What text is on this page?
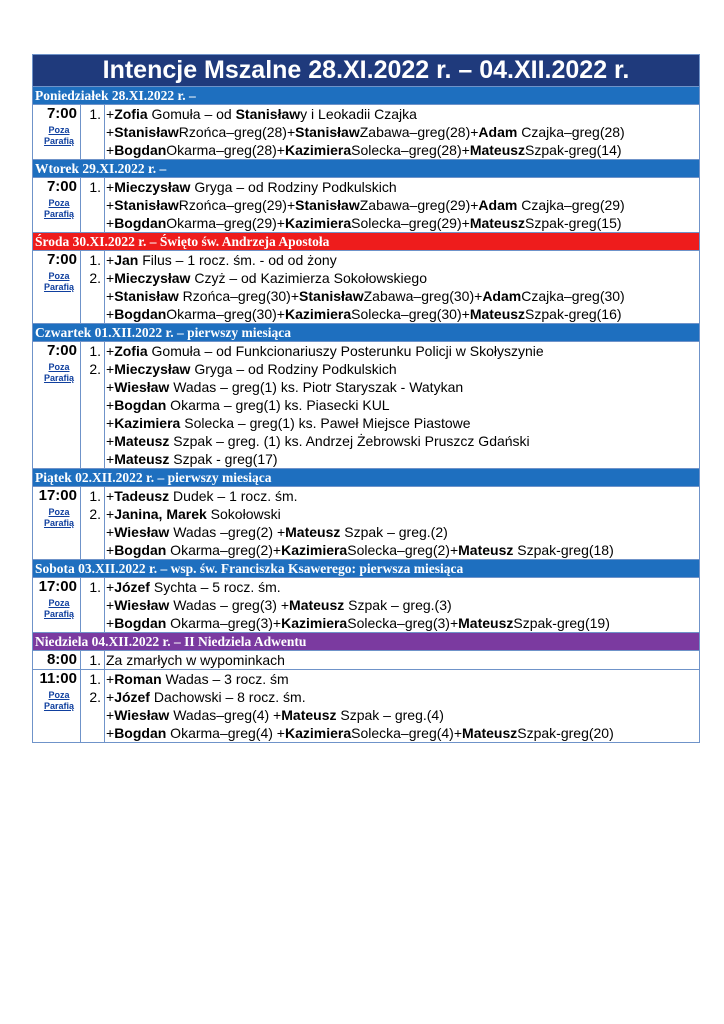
Intencje Mszalne 28.XI.2022 r. – 04.XII.2022 r.
Poniedziałek 28.XI.2022 r. –
7:00
Poza Parafią
1. +Zofia Gomuła – od Stanisławy i Leokadii Czajka
+StanisławRzońca–greg(28)+StanisławZabawa–greg(28)+Adam Czajka–greg(28)
+BogdanOkarma–greg(28)+KazimieraSolecka–greg(28)+MateuszSzpak-greg(14)
Wtorek 29.XI.2022 r. –
7:00
Poza Parafią
1. +Mieczysław Gryga – od Rodziny Podkulskich
+StanisławRzońca–greg(29)+StanisławZabawa–greg(29)+Adam Czajka–greg(29)
+BogdanOkarma–greg(29)+KazimieraSolecka–greg(29)+MateuszSzpak-greg(15)
Środa 30.XI.2022 r. – Święto św. Andrzeja Apostoła
7:00
Poza Parafią
1. +Jan Filus – 1 rocz. śm. - od od żony
2. +Mieczysław Czyż – od Kazimierza Sokołowskiego
+Stanisław Rzońca–greg(30)+StanisławZabawa–greg(30)+AdamCzajka–greg(30)
+BogdanOkarma–greg(30)+KazimieraSolecka–greg(30)+MateuszSzpak-greg(16)
Czwartek 01.XII.2022 r. – pierwszy miesiąca
7:00
Poza Parafią
1. +Zofia Gomuła – od Funkcionariuszy Posterunku Policji w Skołyszynie
2. +Mieczysław Gryga – od Rodziny Podkulskich
+Wiesław Wadas – greg(1) ks. Piotr Staryszak - Watykan
+Bogdan Okarma – greg(1) ks. Piasecki KUL
+Kazimiera Solecka – greg(1) ks. Paweł Miejsce Piastowe
+Mateusz Szpak – greg. (1) ks. Andrzej Żebrowski Pruszcz Gdański
+Mateusz Szpak - greg(17)
Piątek 02.XII.2022 r. – pierwszy miesiąca
17:00
Poza Parafią
1. +Tadeusz Dudek – 1 rocz. śm.
2. +Janina, Marek Sokołowski
+Wiesław Wadas –greg(2) +Mateusz Szpak – greg.(2)
+Bogdan Okarma–greg(2)+KazimieraSolecka–greg(2)+Mateusz Szpak-greg(18)
Sobota 03.XII.2022 r. – wsp. św. Franciszka Ksawerego: pierwsza miesiąca
17:00
Poza Parafią
1. +Józef Sychta – 5 rocz. śm.
+Wiesław Wadas – greg(3) +Mateusz Szpak – greg.(3)
+Bogdan Okarma–greg(3)+KazimieraSolecka–greg(3)+MateuszSzpak-greg(19)
Niedziela 04.XII.2022 r. – II Niedziela Adwentu
8:00 1. Za zmarłych w wypominkach
11:00
Poza Parafią
1. +Roman Wadas – 3 rocz. śm
2. +Józef Dachowski – 8 rocz. śm.
+Wiesław Wadas–greg(4) +Mateusz Szpak – greg.(4)
+Bogdan Okarma–greg(4) +KazimieraSolecka–greg(4)+MateuszSzpak-greg(20)
